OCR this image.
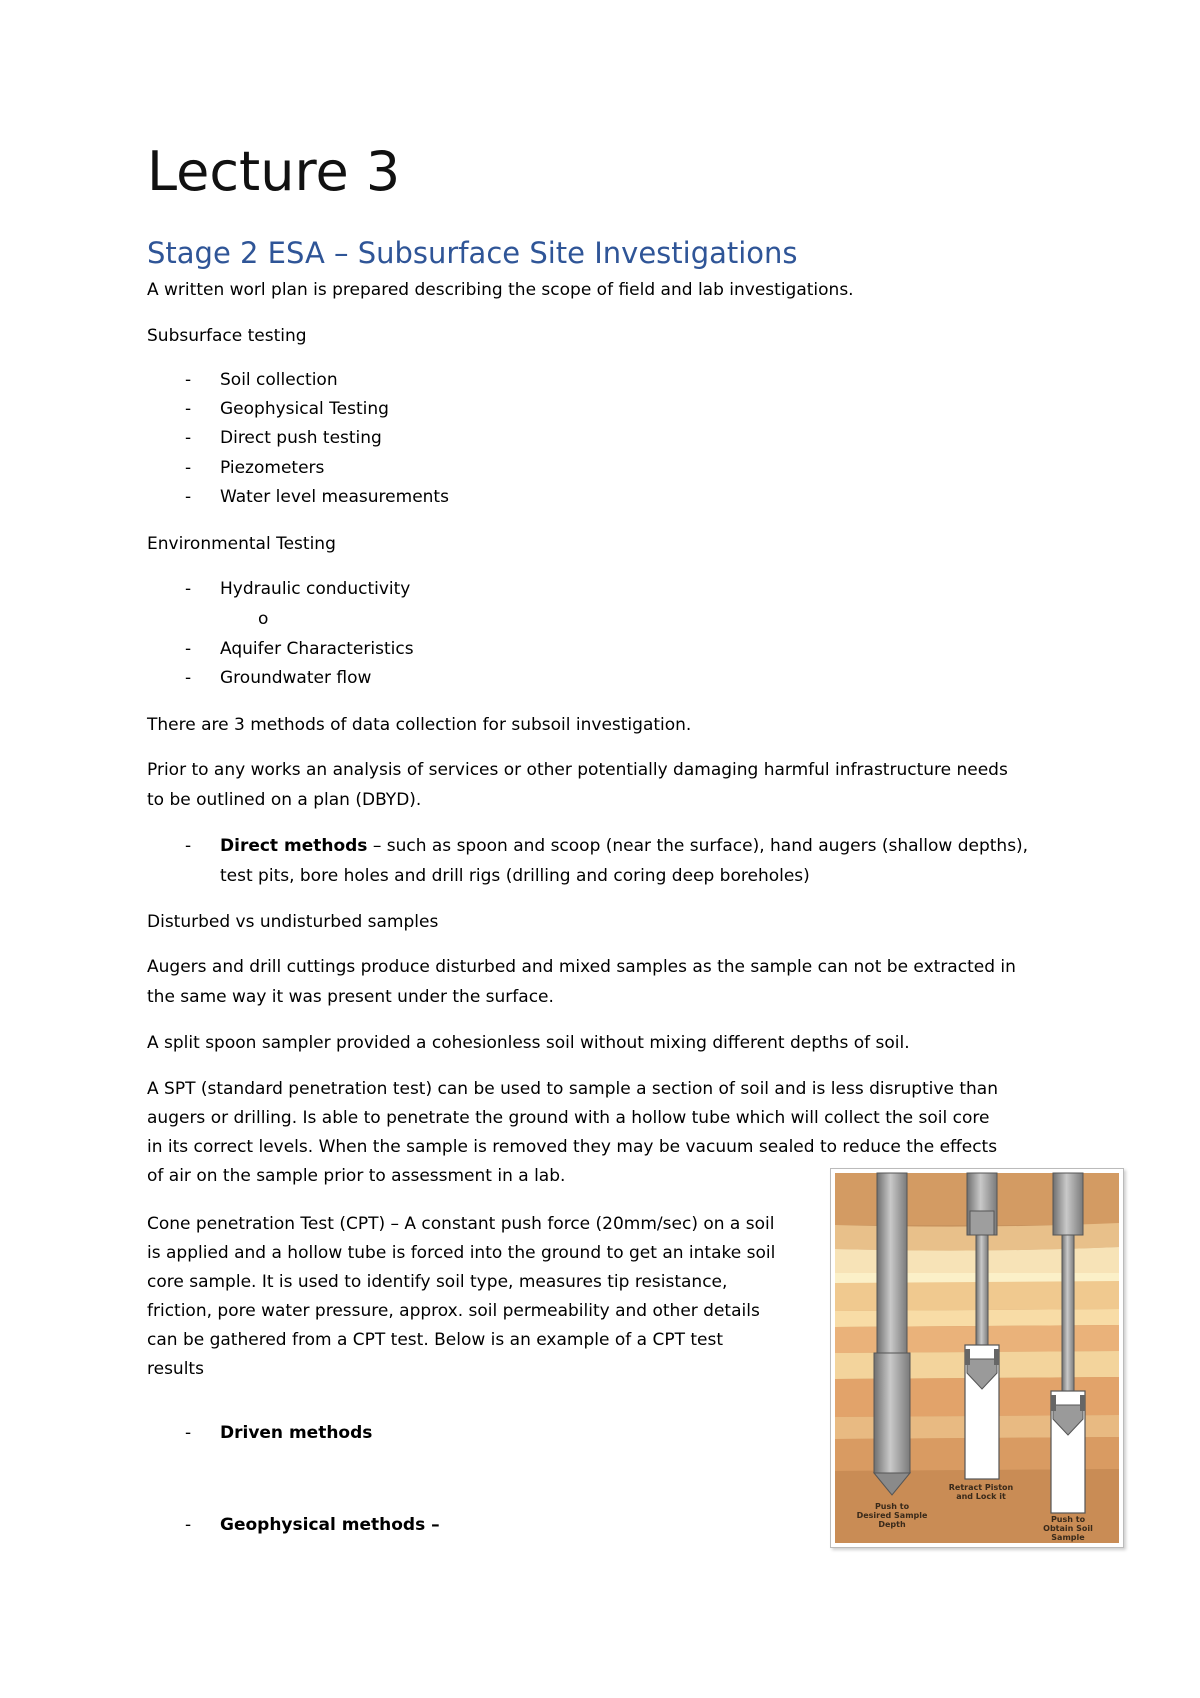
Lecture 3
Stage 2 ESA – Subsurface Site Investigations

A written worl plan is prepared describing the scope of field and lab investigations.

Subsurface testing

- Soil collection

- Geophysical Testing

- Direct push testing

- Piezometers

- Water level measurements

Environmental Testing

- Hydraulic conductivity

o
- Aquifer Characteristics

- Groundwater flow

There are 3 methods of data collection for subsoil investigation.

Prior to any works an analysis of services or other potentially damaging harmful infrastructure needs

to be outlined on a plan (DBYD).

- Direct methods – such as spoon and scoop (near the surface), hand augers (shallow depths),

test pits, bore holes and drill rigs (drilling and coring deep boreholes)

Disturbed vs undisturbed samples

Augers and drill cuttings produce disturbed and mixed samples as the sample can not be extracted in

the same way it was present under the surface.

A split spoon sampler provided a cohesionless soil without mixing different depths of soil.

A SPT (standard penetration test) can be used to sample a section of soil and is less disruptive than

augers or drilling. Is able to penetrate the ground with a hollow tube which will collect the soil core

in its correct levels. When the sample is removed they may be vacuum sealed to reduce the effects

of air on the sample prior to assessment in a lab.

Cone penetration Test (CPT) – A constant push force (20mm/sec) on a soil

is applied and a hollow tube is forced into the ground to get an intake soil

core sample. It is used to identify soil type, measures tip resistance,

friction, pore water pressure, approx. soil permeability and other details

can be gathered from a CPT test. Below is an example of a CPT test

results

- Driven methods

- Geophysical methods –

Push to
Desired Sample
Depth
Retract Piston
and Lock it
Push to
Obtain Soil
Sample
